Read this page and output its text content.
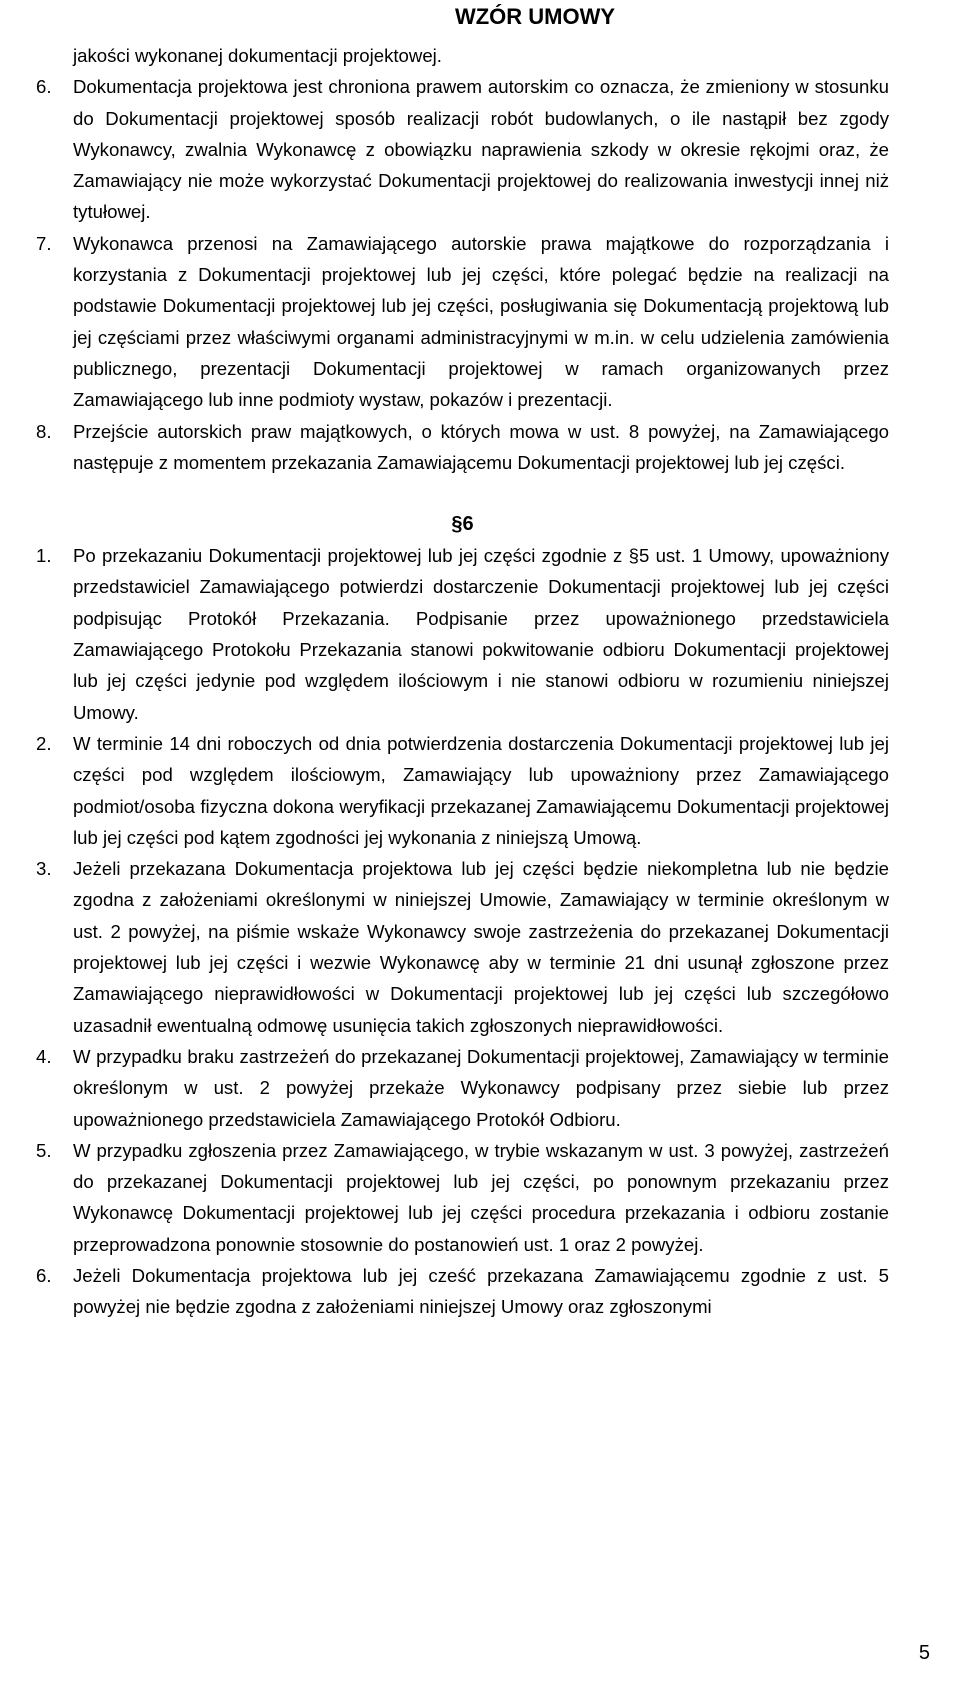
WZÓR UMOWY
jakości wykonanej dokumentacji projektowej.
6. Dokumentacja projektowa jest chroniona prawem autorskim co oznacza, że zmieniony w stosunku do Dokumentacji projektowej sposób realizacji robót budowlanych, o ile nastąpił bez zgody Wykonawcy, zwalnia Wykonawcę z obowiązku naprawienia szkody w okresie rękojmi oraz, że Zamawiający nie może wykorzystać Dokumentacji projektowej do realizowania inwestycji innej niż tytułowej.
7. Wykonawca przenosi na Zamawiającego autorskie prawa majątkowe do rozporządzania i korzystania z Dokumentacji projektowej lub jej części, które polegać będzie na realizacji na podstawie Dokumentacji projektowej lub jej części, posługiwania się Dokumentacją projektową lub jej częściami przez właściwymi organami administracyjnymi w m.in. w celu udzielenia zamówienia publicznego, prezentacji Dokumentacji projektowej w ramach organizowanych przez Zamawiającego lub inne podmioty wystaw, pokazów i prezentacji.
8. Przejście autorskich praw majątkowych, o których mowa w ust. 8 powyżej, na Zamawiającego następuje z momentem przekazania Zamawiającemu Dokumentacji projektowej lub jej części.
§6
1. Po przekazaniu Dokumentacji projektowej lub jej części zgodnie z §5 ust. 1 Umowy, upoważniony przedstawiciel Zamawiającego potwierdzi dostarczenie Dokumentacji projektowej lub jej części podpisując Protokół Przekazania. Podpisanie przez upoważnionego przedstawiciela Zamawiającego Protokołu Przekazania stanowi pokwitowanie odbioru Dokumentacji projektowej lub jej części jedynie pod względem ilościowym i nie stanowi odbioru w rozumieniu niniejszej Umowy.
2. W terminie 14 dni roboczych od dnia potwierdzenia dostarczenia Dokumentacji projektowej lub jej części pod względem ilościowym, Zamawiający lub upoważniony przez Zamawiającego podmiot/osoba fizyczna dokona weryfikacji przekazanej Zamawiającemu Dokumentacji projektowej lub jej części pod kątem zgodności jej wykonania z niniejszą Umową.
3. Jeżeli przekazana Dokumentacja projektowa lub jej części będzie niekompletna lub nie będzie zgodna z założeniami określonymi w niniejszej Umowie, Zamawiający w terminie określonym w ust. 2 powyżej, na piśmie wskaże Wykonawcy swoje zastrzeżenia do przekazanej Dokumentacji projektowej lub jej części i wezwie Wykonawcę aby w terminie 21 dni usunął zgłoszone przez Zamawiającego nieprawidłowości w Dokumentacji projektowej lub jej części lub szczegółowo uzasadnił ewentualną odmowę usunięcia takich zgłoszonych nieprawidłowości.
4. W przypadku braku zastrzeżeń do przekazanej Dokumentacji projektowej, Zamawiający w terminie określonym w ust. 2 powyżej przekaże Wykonawcy podpisany przez siebie lub przez upoważnionego przedstawiciela Zamawiającego Protokół Odbioru.
5. W przypadku zgłoszenia przez Zamawiającego, w trybie wskazanym w ust. 3 powyżej, zastrzeżeń do przekazanej Dokumentacji projektowej lub jej części, po ponownym przekazaniu przez Wykonawcę Dokumentacji projektowej lub jej części procedura przekazania i odbioru zostanie przeprowadzona ponownie stosownie do postanowień ust. 1 oraz 2 powyżej.
6. Jeżeli Dokumentacja projektowa lub jej cześć przekazana Zamawiającemu zgodnie z ust. 5 powyżej nie będzie zgodna z założeniami niniejszej Umowy oraz zgłoszonymi
5
